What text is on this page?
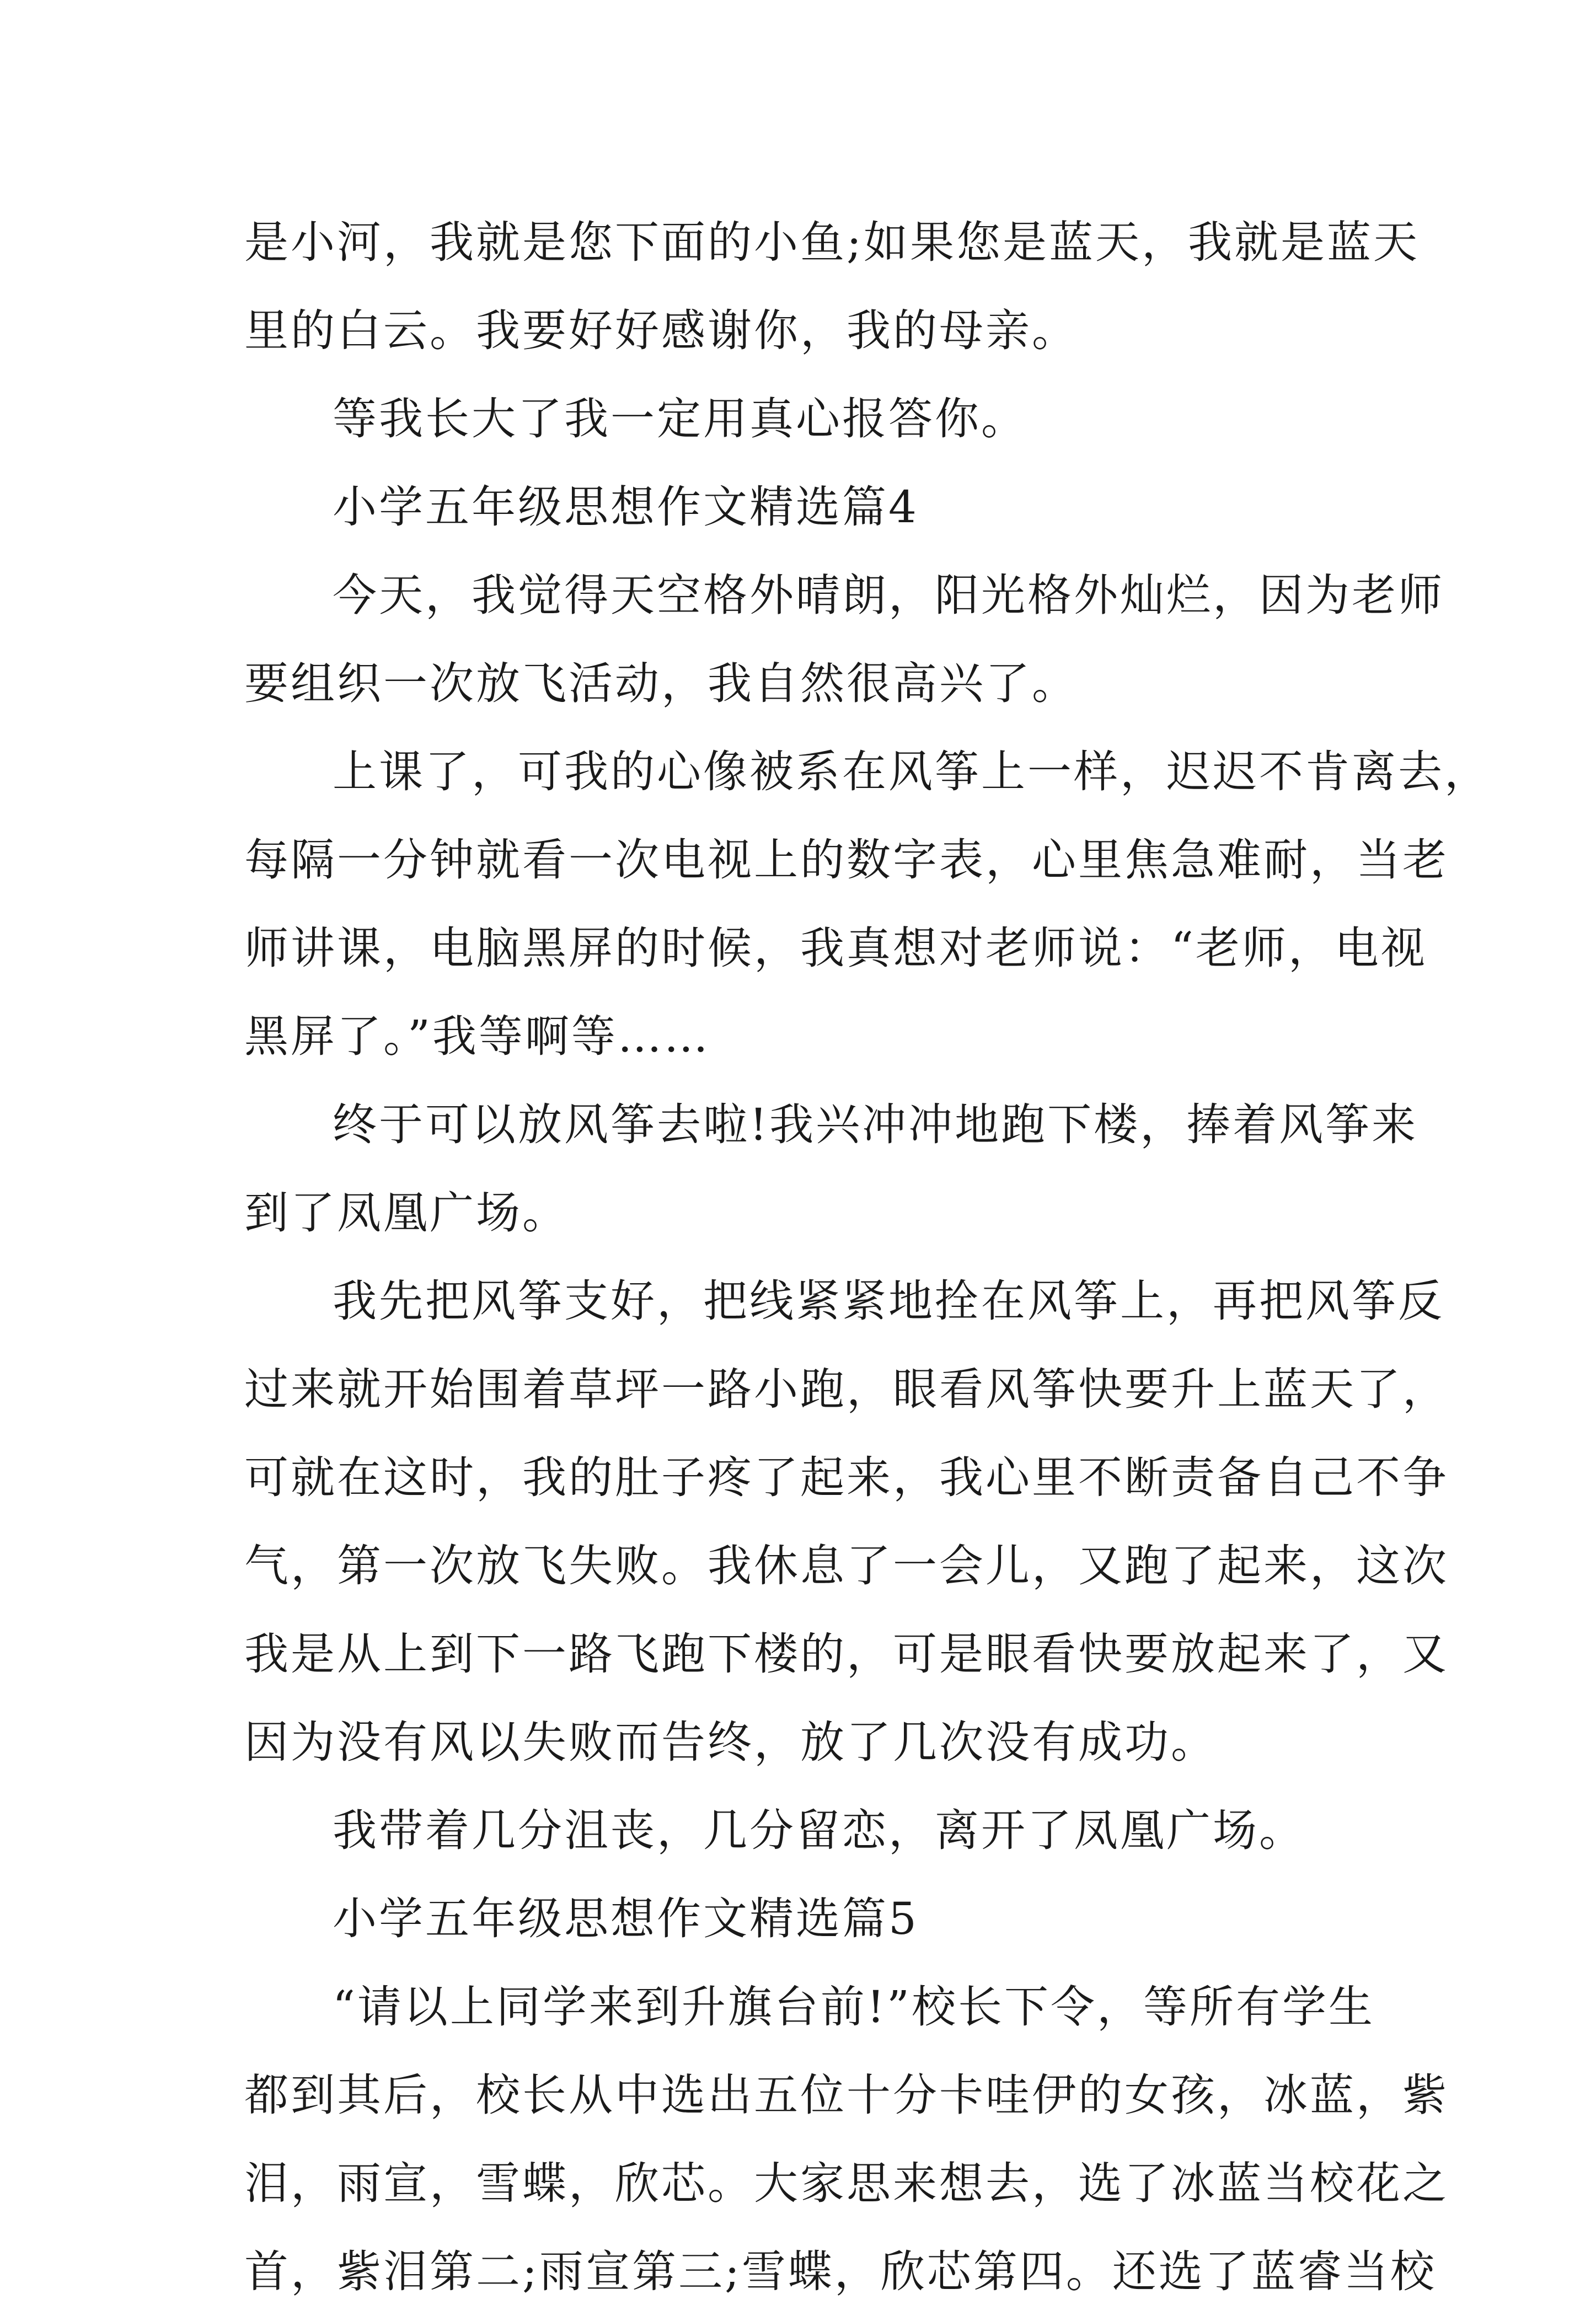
是小河，我就是您下面的小鱼;如果您是蓝天，我就是蓝天
里的白云。我要好好感谢你，我的母亲。
等我长大了我一定用真心报答你。
小学五年级思想作文精选篇4
今天，我觉得天空格外晴朗，阳光格外灿烂，因为老师
要组织一次放飞活动，我自然很高兴了。
上课了，可我的心像被系在风筝上一样，迟迟不肯离去，
每隔一分钟就看一次电视上的数字表，心里焦急难耐，当老
师讲课，电脑黑屏的时候，我真想对老师说：“老师，电视
黑屏了。”我等啊等……
终于可以放风筝去啦!我兴冲冲地跑下楼，捧着风筝来
到了凤凰广场。
我先把风筝支好，把线紧紧地拴在风筝上，再把风筝反
过来就开始围着草坪一路小跑，眼看风筝快要升上蓝天了，
可就在这时，我的肚子疼了起来，我心里不断责备自己不争
气，第一次放飞失败。我休息了一会儿，又跑了起来，这次
我是从上到下一路飞跑下楼的，可是眼看快要放起来了，又
因为没有风以失败而告终，放了几次没有成功。
我带着几分沮丧，几分留恋，离开了凤凰广场。
小学五年级思想作文精选篇5
“请以上同学来到升旗台前!”校长下令，等所有学生
都到其后，校长从中选出五位十分卡哇伊的女孩，冰蓝，紫
泪，雨宣，雪蝶，欣芯。大家思来想去，选了冰蓝当校花之
首，紫泪第二;雨宣第三;雪蝶，欣芯第四。还选了蓝睿当校
